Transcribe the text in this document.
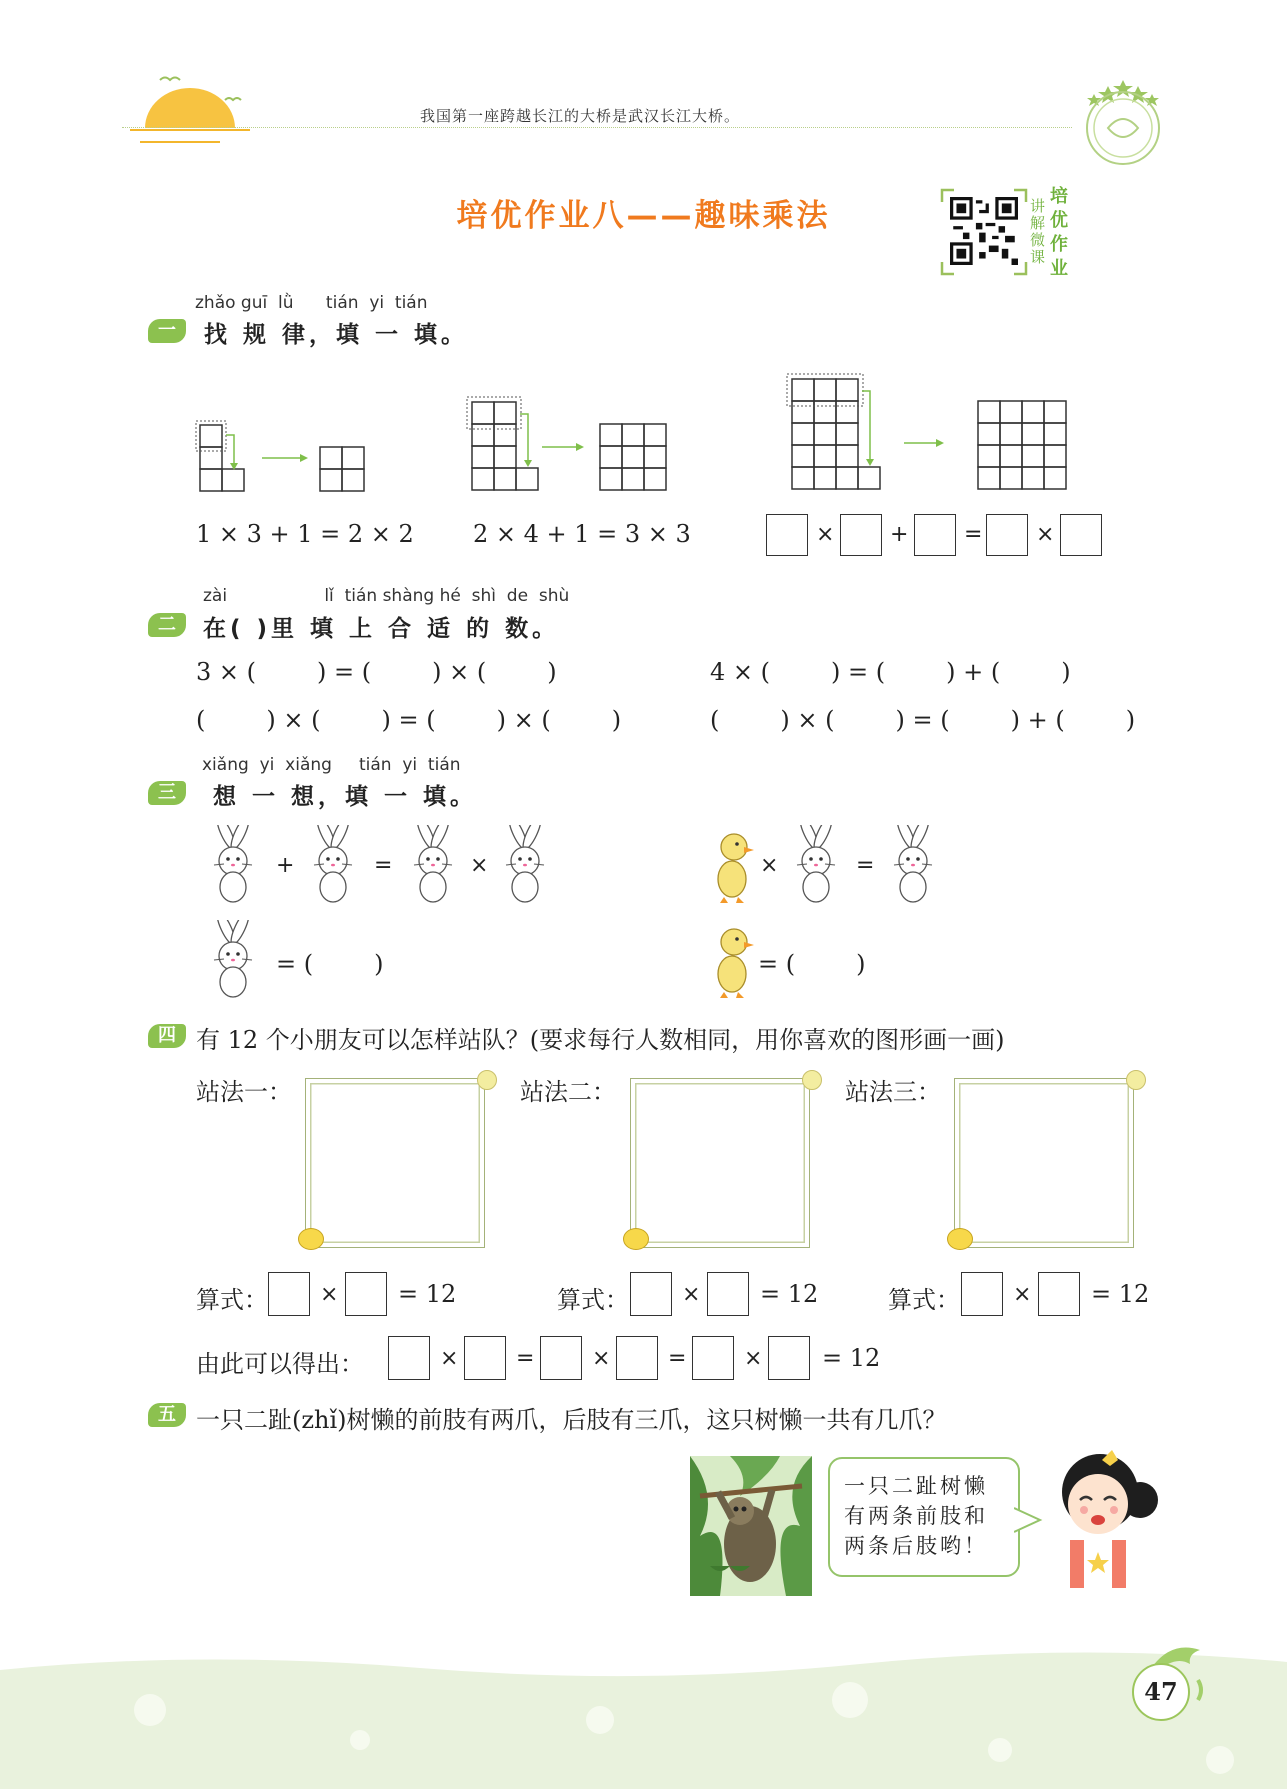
我国第一座跨越长江的大桥是武汉长江大桥。
培优作业八——趣味乘法	讲解微课
培优作业
zhǎo guī  lǜ      tián  yi  tián
一	找 规 律，填 一 填。
1 × 3 + 1 = 2 × 2 2 × 4 + 1 = 3 × 3	×	+	= ×
zài                  lǐ  tián shàng hé  shì  de  shù
二	在( )里 填 上 合 适 的 数。
3 × (        ) = (        ) × (        )	4 × (        ) = (        ) + (        )
(        ) × (        ) = (        ) × (        )	(        ) × (        ) = (        ) + (        )
xiǎng  yi  xiǎng     tián  yi  tián
三	想 一 想，填 一 填。
+	=	×	×	=
= (        )	= (        )
四 有 12 个小朋友可以怎样站队？(要求每行人数相同，用你喜欢的图形画一画)
站法一：	站法二：	站法三：
算式： × = 12	算式： × = 12	算式： × = 12
由此可以得出：	×	=	×	=	× = 12
五 一只二趾(zhǐ)树懒的前肢有两爪，后肢有三爪，这只树懒一共有几爪？
一只二趾树懒
有两条前肢和
两条后肢哟！
47
